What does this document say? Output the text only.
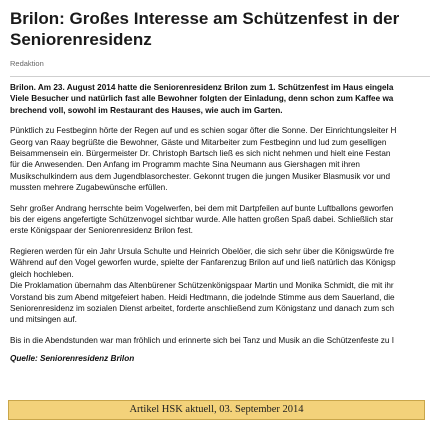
Brilon: Großes Interesse am Schützenfest in der
Seniorenresidenz
Redaktion
Brilon. Am 23. August 2014 hatte die Seniorenresidenz Brilon zum 1. Schützenfest im Haus eingela
Viele Besucher und natürlich fast alle Bewohner folgten der Einladung, denn schon zum Kaffee wa
brechend voll, sowohl im Restaurant des Hauses, wie auch im Garten.
Pünktlich zu Festbeginn hörte der Regen auf und es schien sogar öfter die Sonne. Der Einrichtungsleiter H
Georg van Raay begrüßte die Bewohner, Gäste und Mitarbeiter zum Festbeginn und lud zum geselligen
Beisammensein ein. Bürgermeister Dr. Christoph Bartsch ließ es sich nicht nehmen und hielt eine Festan
für die Anwesenden. Den Anfang im Programm machte Sina Neumann aus Giershagen mit ihren
Musikschulkindern aus dem Jugendblasorchester. Gekonnt trugen die jungen Musiker Blasmusik vor und
mussten mehrere Zugabewünsche erfüllen.
Sehr großer Andrang herrschte beim Vogelwerfen, bei dem mit Dartpfeilen auf bunte Luftballons geworfen
bis der eigens angefertigte Schützenvogel sichtbar wurde. Alle hatten großen Spaß dabei. Schließlich star
erste Königspaar der Seniorenresidenz Brilon fest.
Regieren werden für ein Jahr Ursula Schulte und Heinrich Obelöer, die sich sehr über die Königswürde fre
Während auf den Vogel geworfen wurde, spielte der Fanfarenzug Brilon auf und ließ natürlich das Königsp
gleich hochleben.
Die Proklamation übernahm das Altenbürener Schützenkönigspaar Martin und Monika Schmidt, die mit ihr
Vorstand bis zum Abend mitgefeiert haben. Heidi Hedtmann, die jodelnde Stimme aus dem Sauerland, die
Seniorenresidenz im sozialen Dienst arbeitet, forderte anschließend zum Königstanz und danach zum sch
und mitsingen auf.
Bis in die Abendstunden war man fröhlich und erinnerte sich bei Tanz und Musik an die Schützenfeste zu I
Quelle: Seniorenresidenz Brilon
Artikel HSK aktuell, 03. September 2014
